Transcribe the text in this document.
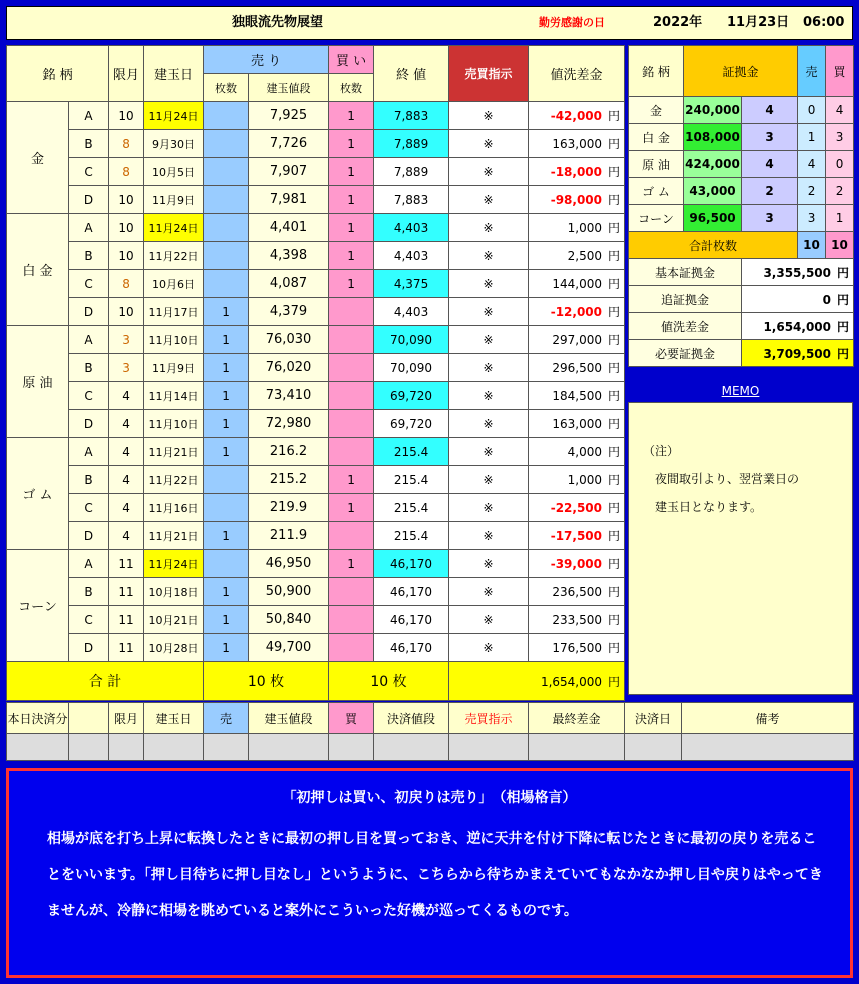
独眼流先物展望	勤労感謝の日	2022年 11月23日 06:00
銘 柄		限月	建玉日	売 り		買 い	終 値	売買指示	値洗差金
				枚数	建玉値段	枚数			
金	A	10	11月24日		7,925	1	7,883	※	-42,000 円
	B	8	9月30日		7,726	1	7,889	※	163,000 円
	C	8	10月5日		7,907	1	7,889	※	-18,000 円
	D	10	11月9日		7,981	1	7,883	※	-98,000 円
白 金	A	10	11月24日		4,401	1	4,403	※	1,000 円
	B	10	11月22日		4,398	1	4,403	※	2,500 円
	C	8	10月6日		4,087	1	4,375	※	144,000 円
	D	10	11月17日	1	4,379		4,403	※	-12,000 円
原 油	A	3	11月10日	1	76,030		70,090	※	297,000 円
	B	3	11月9日	1	76,020		70,090	※	296,500 円
	C	4	11月14日	1	73,410		69,720	※	184,500 円
	D	4	11月10日	1	72,980		69,720	※	163,000 円
ゴ ム	A	4	11月21日	1	216.2		215.4	※	4,000 円
	B	4	11月22日		215.2	1	215.4	※	1,000 円
	C	4	11月16日		219.9	1	215.4	※	-22,500 円
	D	4	11月21日	1	211.9		215.4	※	-17,500 円
コーン	A	11	11月24日		46,950	1	46,170	※	-39,000 円
	B	11	10月18日	1	50,900		46,170	※	236,500 円
	C	11	10月21日	1	50,840		46,170	※	233,500 円
	D	11	10月28日	1	49,700		46,170	※	176,500 円
合 計				10 枚		10 枚		1,654,000 円	
銘 柄	証拠金		売	買
金	240,000	4	0	4
白 金	108,000	3	1	3
原 油	424,000	4	4	0
ゴ ム	43,000	2	2	2
コーン	96,500	3	3	1
合計枚数			10	10
基本証拠金		3,355,500 円		
追証拠金		0 円		
値洗差金		1,654,000 円		
必要証拠金		3,709,500 円		
MEMO
（注）
　夜間取引より、翌営業日の
　建玉日となります。
本日決済分		限月	建玉日	売	建玉値段	買	決済値段	売買指示	最終差金	決済日	備考

「初押しは買い、初戻りは売り」　（相場格言）
相場が底を打ち上昇に転換したときに最初の押し目を買っておき、逆に天井を付け下降に転じたときに最初の戻りを売ることをいいます。「押し目待ちに押し目なし」というように、こちらから待ちかまえていてもなかなか押し目や戻りはやってきませんが、冷静に相場を眺めていると案外にこういった好機が巡ってくるものです。
